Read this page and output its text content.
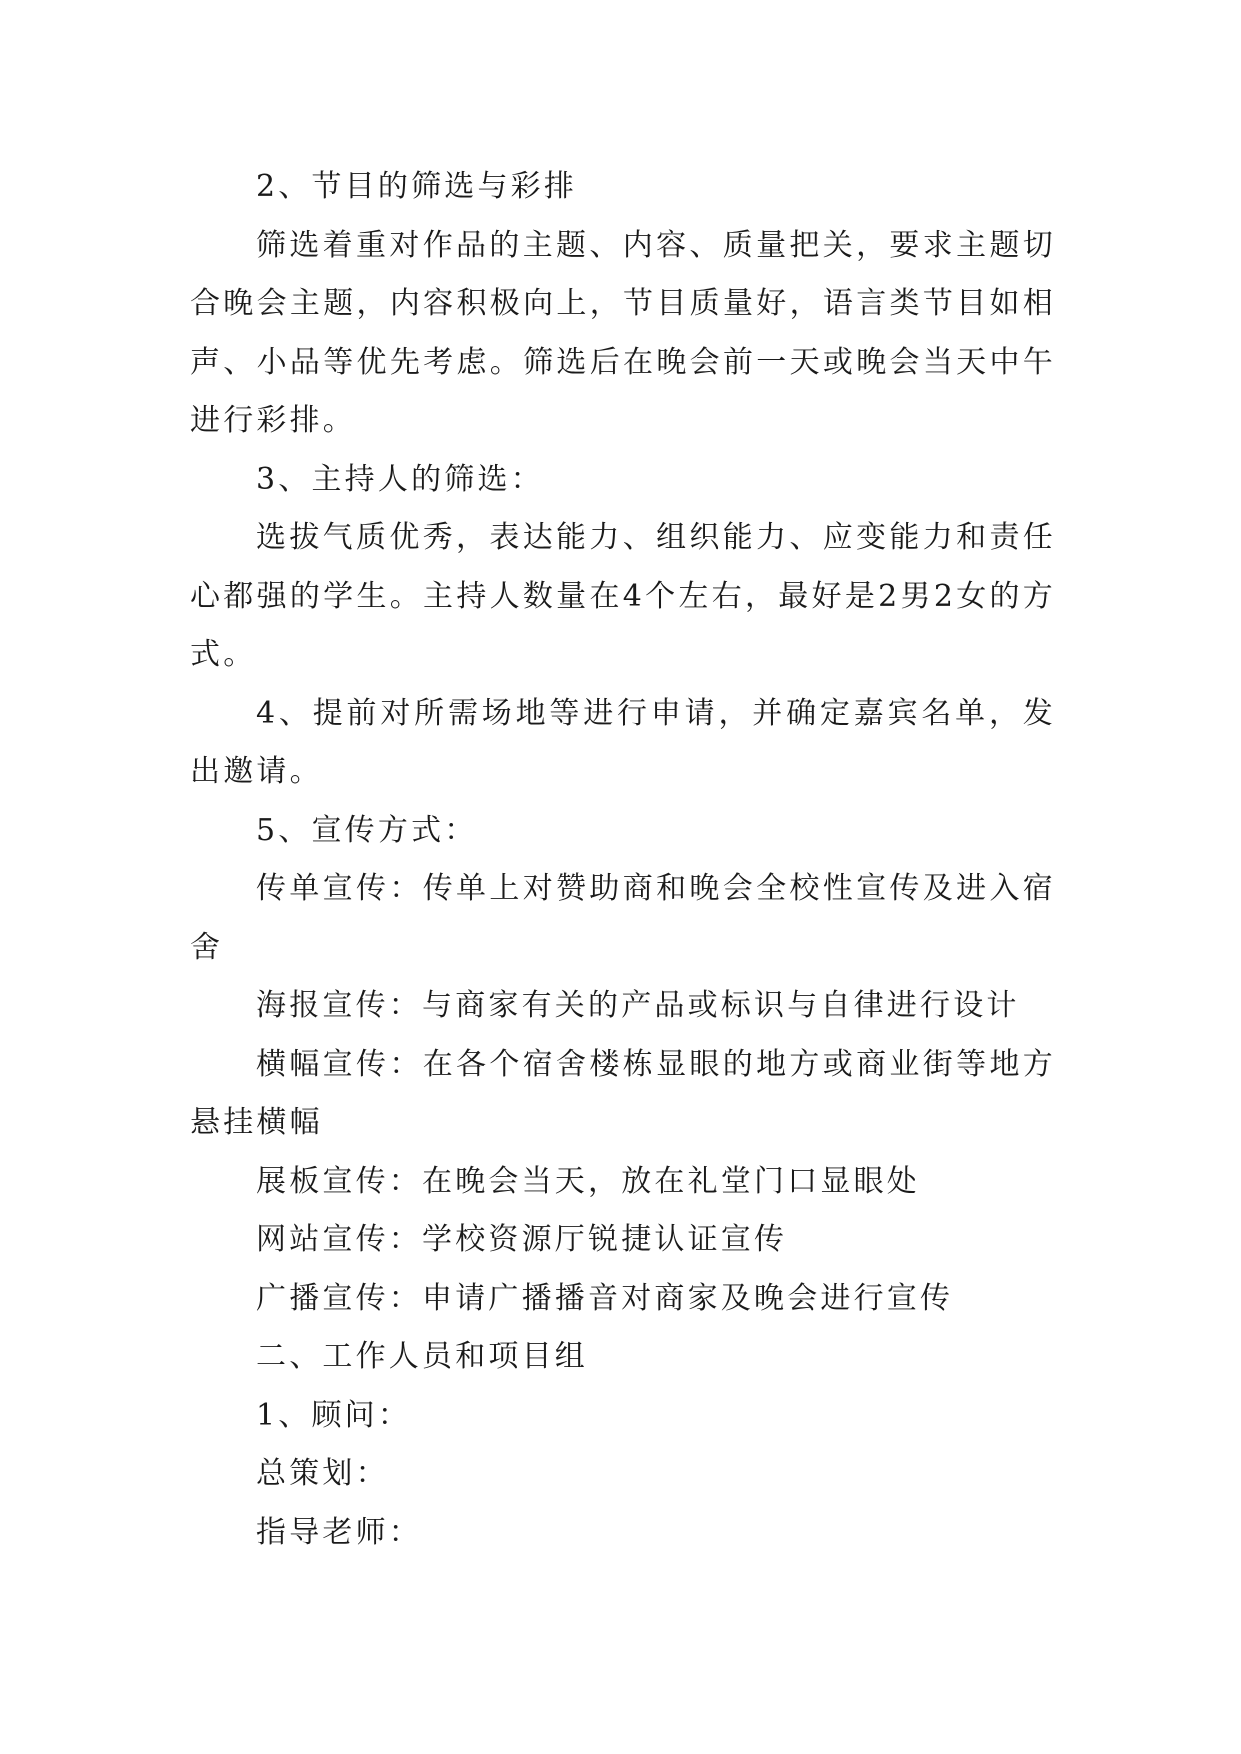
2、节目的筛选与彩排

筛选着重对作品的主题、内容、质量把关，要求主题切合晚会主题，内容积极向上，节目质量好，语言类节目如相声、小品等优先考虑。筛选后在晚会前一天或晚会当天中午进行彩排。

3、主持人的筛选：

选拔气质优秀，表达能力、组织能力、应变能力和责任心都强的学生。主持人数量在4个左右，最好是2男2女的方式。

4、提前对所需场地等进行申请，并确定嘉宾名单，发出邀请。

5、宣传方式：

传单宣传：传单上对赞助商和晚会全校性宣传及进入宿舍

海报宣传：与商家有关的产品或标识与自律进行设计

横幅宣传：在各个宿舍楼栋显眼的地方或商业街等地方悬挂横幅

展板宣传：在晚会当天，放在礼堂门口显眼处

网站宣传：学校资源厅锐捷认证宣传

广播宣传：申请广播播音对商家及晚会进行宣传

二、工作人员和项目组

1、顾问：

总策划：

指导老师：
